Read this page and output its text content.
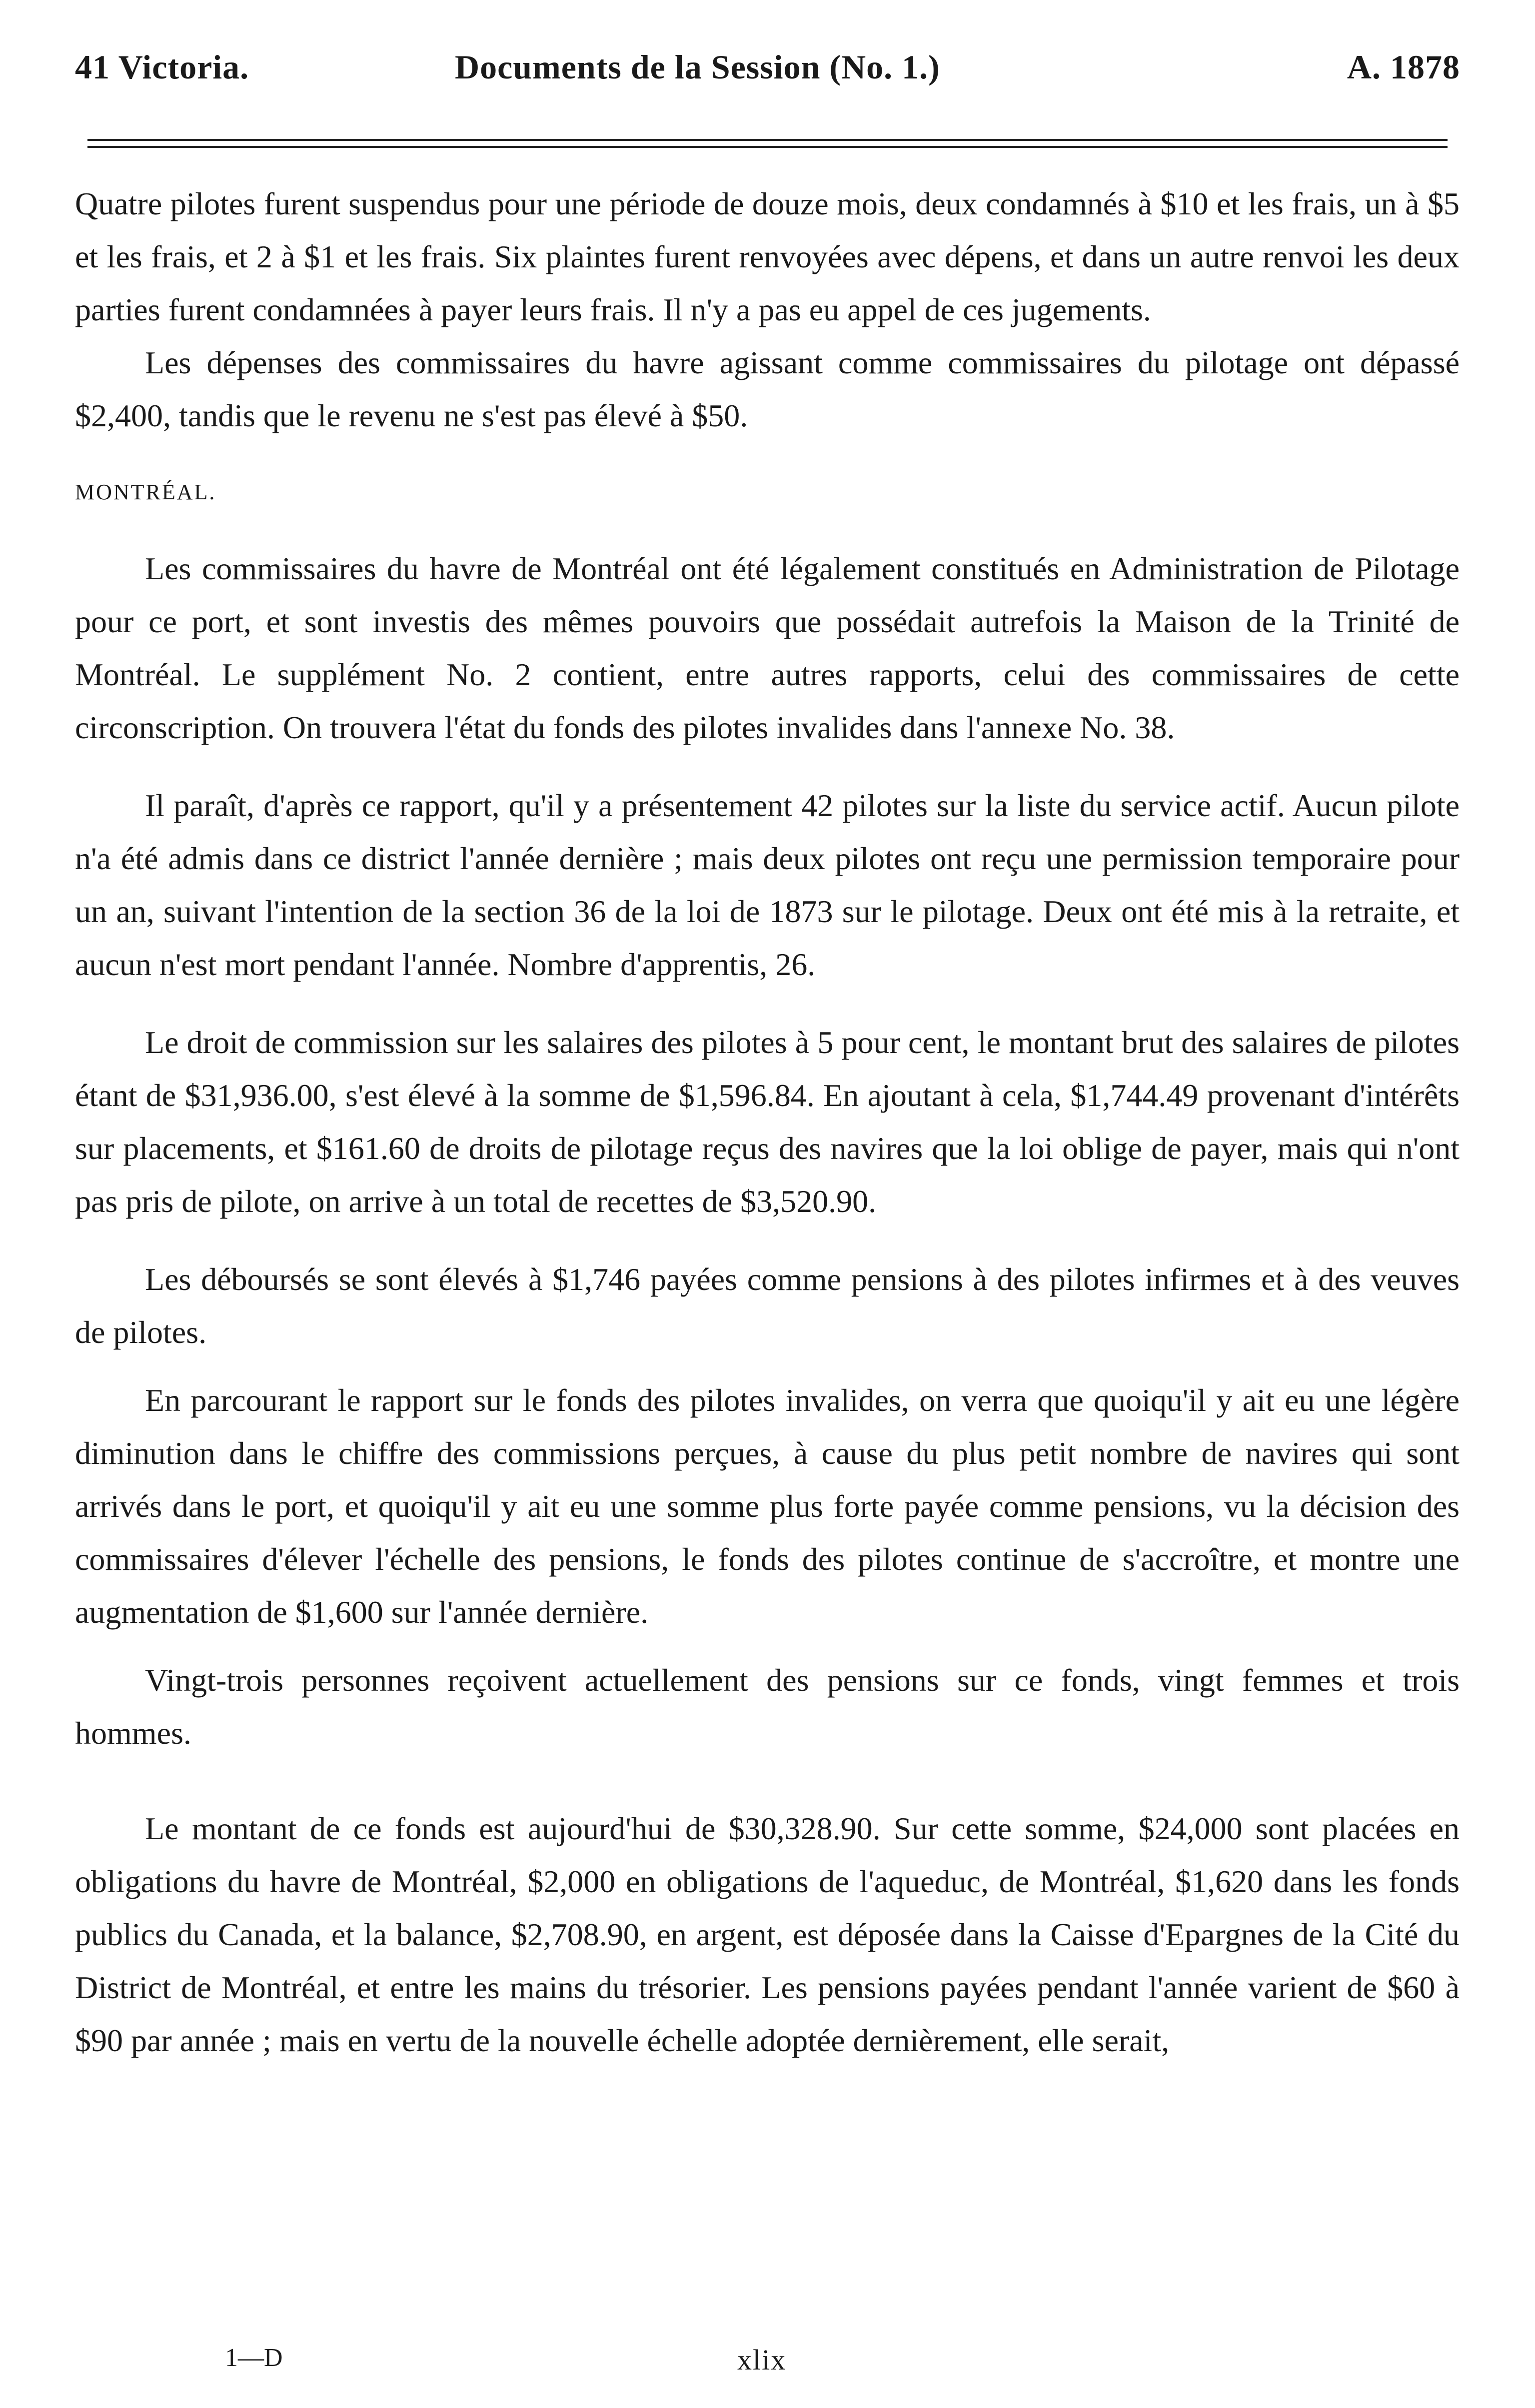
41 Victoria.	Documents de la Session (No. 1.)	A. 1878

Quatre pilotes furent suspendus pour une période de douze mois, deux condamnés à $10 et les frais, un à $5 et les frais, et 2 à $1 et les frais. Six plaintes furent renvoyées avec dépens, et dans un autre renvoi les deux parties furent condamnées à payer leurs frais. Il n'y a pas eu appel de ces jugements.

Les dépenses des commissaires du havre agissant comme commissaires du pilotage ont dépassé $2,400, tandis que le revenu ne s'est pas élevé à $50.

MONTRÉAL.

Les commissaires du havre de Montréal ont été légalement constitués en Administration de Pilotage pour ce port, et sont investis des mêmes pouvoirs que possédait autrefois la Maison de la Trinité de Montréal. Le supplément No. 2 contient, entre autres rapports, celui des commissaires de cette circonscription. On trouvera l'état du fonds des pilotes invalides dans l'annexe No. 38.

Il paraît, d'après ce rapport, qu'il y a présentement 42 pilotes sur la liste du service actif. Aucun pilote n'a été admis dans ce district l'année dernière ; mais deux pilotes ont reçu une permission temporaire pour un an, suivant l'intention de la section 36 de la loi de 1873 sur le pilotage. Deux ont été mis à la retraite, et aucun n'est mort pendant l'année. Nombre d'apprentis, 26.

Le droit de commission sur les salaires des pilotes à 5 pour cent, le montant brut des salaires de pilotes étant de $31,936.00, s'est élevé à la somme de $1,596.84. En ajoutant à cela, $1,744.49 provenant d'intérêts sur placements, et $161.60 de droits de pilotage reçus des navires que la loi oblige de payer, mais qui n'ont pas pris de pilote, on arrive à un total de recettes de $3,520.90.

Les déboursés se sont élevés à $1,746 payées comme pensions à des pilotes infirmes et à des veuves de pilotes.

En parcourant le rapport sur le fonds des pilotes invalides, on verra que quoiqu'il y ait eu une légère diminution dans le chiffre des commissions perçues, à cause du plus petit nombre de navires qui sont arrivés dans le port, et quoiqu'il y ait eu une somme plus forte payée comme pensions, vu la décision des commissaires d'élever l'échelle des pensions, le fonds des pilotes continue de s'accroître, et montre une augmentation de $1,600 sur l'année dernière.

Vingt-trois personnes reçoivent actuellement des pensions sur ce fonds, vingt femmes et trois hommes.

Le montant de ce fonds est aujourd'hui de $30,328.90. Sur cette somme, $24,000 sont placées en obligations du havre de Montréal, $2,000 en obligations de l'aqueduc, de Montréal, $1,620 dans les fonds publics du Canada, et la balance, $2,708.90, en argent, est déposée dans la Caisse d'Epargnes de la Cité du District de Montréal, et entre les mains du trésorier. Les pensions payées pendant l'année varient de $60 à $90 par année ; mais en vertu de la nouvelle échelle adoptée dernièrement, elle serait,

1—D	xlix
